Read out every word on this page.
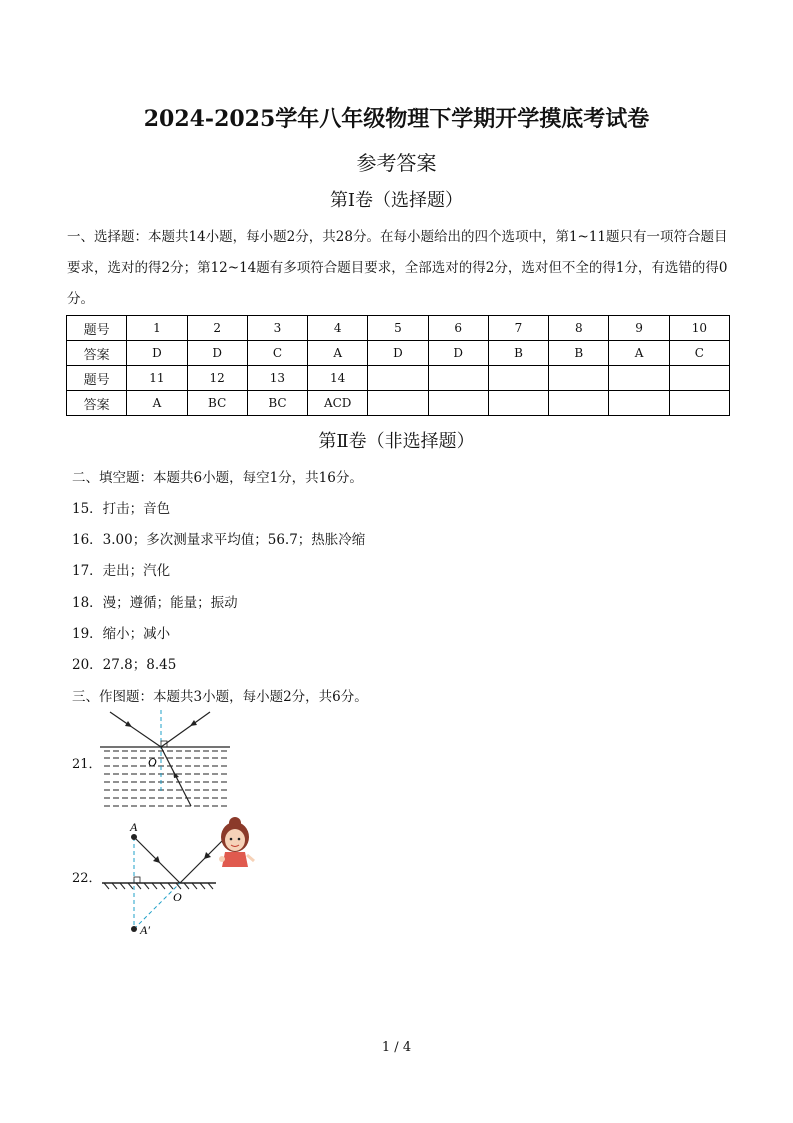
2024-2025学年八年级物理下学期开学摸底考试卷
参考答案
第Ⅰ卷（选择题）
一、选择题：本题共14小题，每小题2分，共28分。在每小题给出的四个选项中，第1~11题只有一项符合题目要求，选对的得2分；第12~14题有多项符合题目要求，全部选对的得2分，选对但不全的得1分，有选错的得0分。
题号	1	2	3	4	5	6	7	8	9	10
答案	D	D	C	A	D	D	B	B	A	C
题号	11	12	13	14						
答案	A	BC	BC	ACD						
第Ⅱ卷（非选择题）
二、填空题：本题共6小题，每空1分，共16分。
15．打击；音色
16．3.00；多次测量求平均值；56.7；热胀冷缩
17．走出；汽化
18．漫；遵循；能量；振动
19．缩小；减小
20．27.8；8.45
三、作图题：本题共3小题，每小题2分，共6分。
O
21．
A
A′
O
22．
1 / 4
